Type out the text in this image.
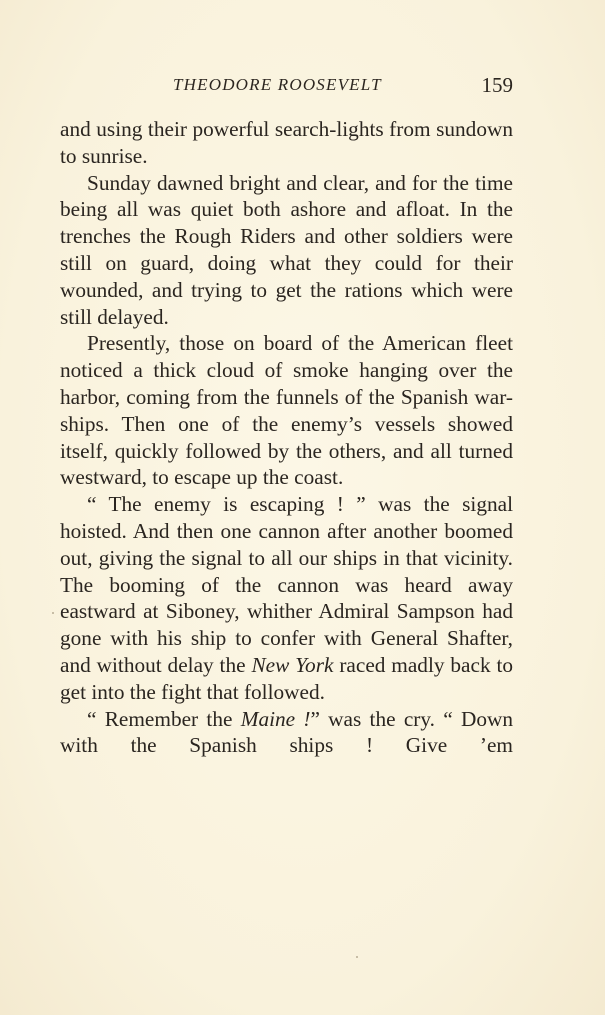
THEODORE ROOSEVELT	159

and using their powerful search-lights from sundown to sunrise.

Sunday dawned bright and clear, and for the time being all was quiet both ashore and afloat. In the trenches the Rough Riders and other soldiers were still on guard, doing what they could for their wounded, and trying to get the rations which were still delayed.

Presently, those on board of the American fleet noticed a thick cloud of smoke hanging over the harbor, coming from the funnels of the Spanish war-ships. Then one of the enemy’s vessels showed itself, quickly followed by the others, and all turned westward, to escape up the coast.

“ The enemy is escaping ! ” was the signal hoisted. And then one cannon after another boomed out, giving the signal to all our ships in that vicinity. The booming of the cannon was heard away eastward at Siboney, whither Admiral Sampson had gone with his ship to confer with General Shafter, and without delay the New York raced madly back to get into the fight that followed.

“ Remember the Maine !” was the cry. “ Down with the Spanish ships ! Give ’em
